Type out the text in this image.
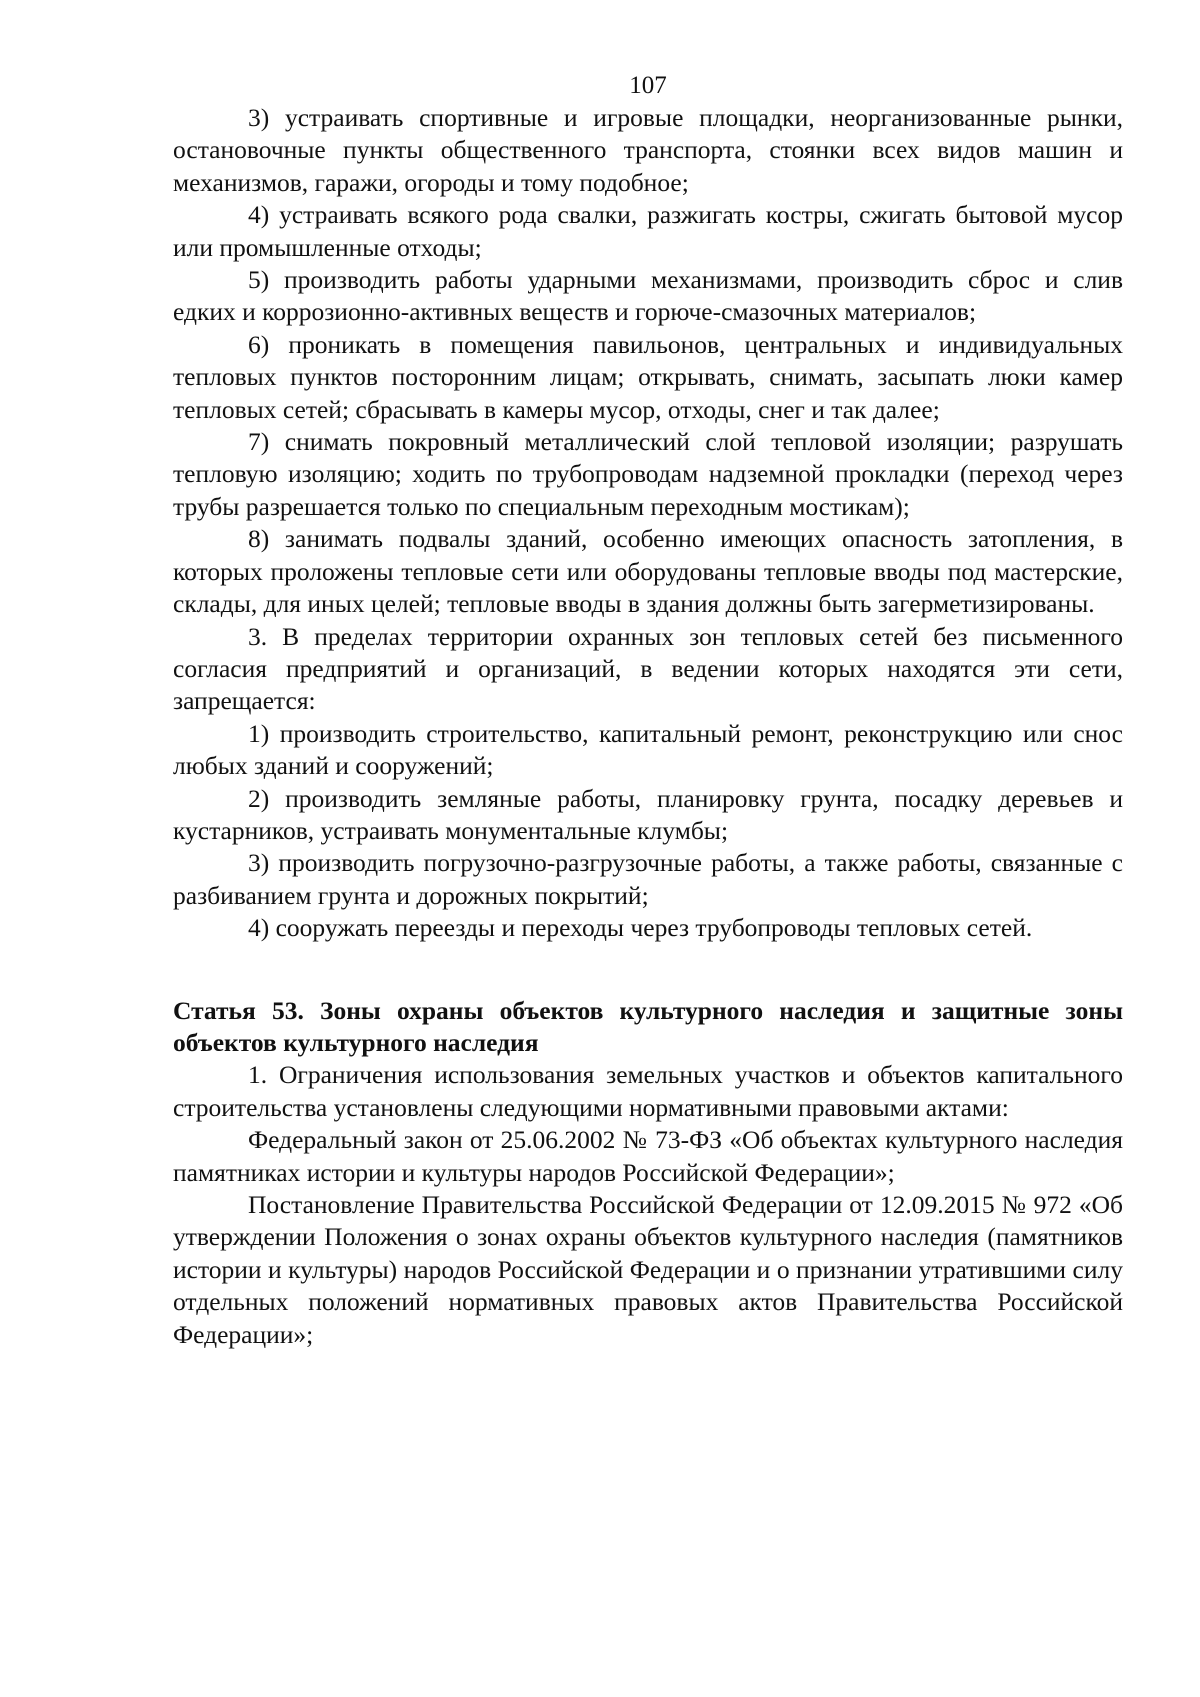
107

3) устраивать спортивные и игровые площадки, неорганизованные рынки, остановочные пункты общественного транспорта, стоянки всех видов машин и механизмов, гаражи, огороды и тому подобное;

4) устраивать всякого рода свалки, разжигать костры, сжигать бытовой мусор или промышленные отходы;

5) производить работы ударными механизмами, производить сброс и слив едких и коррозионно-активных веществ и горюче-смазочных материалов;

6) проникать в помещения павильонов, центральных и индивидуальных тепловых пунктов посторонним лицам; открывать, снимать, засыпать люки камер тепловых сетей; сбрасывать в камеры мусор, отходы, снег и так далее;

7) снимать покровный металлический слой тепловой изоляции; разрушать тепловую изоляцию; ходить по трубопроводам надземной прокладки (переход через трубы разрешается только по специальным переходным мостикам);

8) занимать подвалы зданий, особенно имеющих опасность затопления, в которых проложены тепловые сети или оборудованы тепловые вводы под мастерские, склады, для иных целей; тепловые вводы в здания должны быть загерметизированы.

3. В пределах территории охранных зон тепловых сетей без письменного согласия предприятий и организаций, в ведении которых находятся эти сети, запрещается:

1) производить строительство, капитальный ремонт, реконструкцию или снос любых зданий и сооружений;

2) производить земляные работы, планировку грунта, посадку деревьев и кустарников, устраивать монументальные клумбы;

3) производить погрузочно-разгрузочные работы, а также работы, связанные с разбиванием грунта и дорожных покрытий;

4) сооружать переезды и переходы через трубопроводы тепловых сетей.

Статья 53. Зоны охраны объектов культурного наследия и защитные зоны объектов культурного наследия

1. Ограничения использования земельных участков и объектов капитального строительства установлены следующими нормативными правовыми актами:

Федеральный закон от 25.06.2002 № 73-ФЗ «Об объектах культурного наследия памятниках истории и культуры народов Российской Федерации»;

Постановление Правительства Российской Федерации от 12.09.2015 № 972 «Об утверждении Положения о зонах охраны объектов культурного наследия (памятников истории и культуры) народов Российской Федерации и о признании утратившими силу отдельных положений нормативных правовых актов Правительства Российской Федерации»;
